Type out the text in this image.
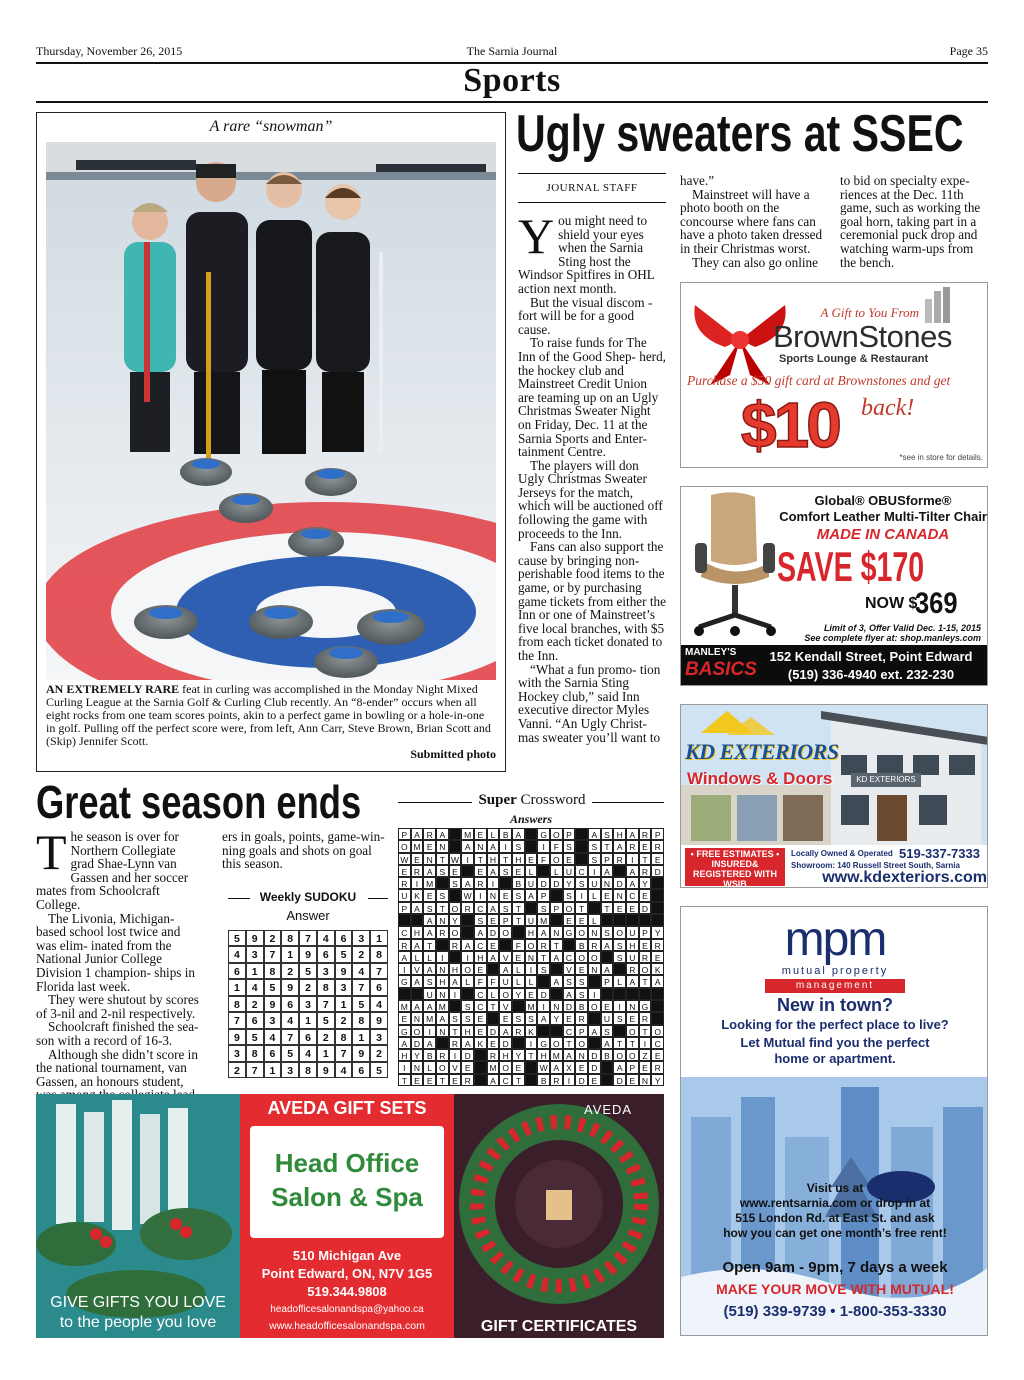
Thursday, November 26, 2015	The Sarnia Journal	Page 35
Sports
A rare “snowman”
AN EXTREMELY RARE feat in curling was accomplished in the Monday Night Mixed Curling League at the Sarnia Golf & Curling Club recently. An “8-ender” occurs when all eight rocks from one team scores points, akin to a perfect game in bowling or a hole-in-one in golf. Pulling off the perfect score were, from left, Ann Carr, Steve Brown, Brian Scott and (Skip) Jennifer Scott.
Submitted photo
Ugly sweaters at SSEC
JOURNAL STAFF
Y ou might need to shield your eyes when the Sarnia Sting host the Windsor Spitfires in OHL action next month.

But the visual discom - fort will be for a good cause.

To raise funds for The Inn of the Good Shep- herd, the hockey club and Mainstreet Credit Union are teaming up on an Ugly Christmas Sweater Night on Friday, Dec. 11 at the Sarnia Sports and Enter- tainment Centre.

The players will don Ugly Christmas Sweater Jerseys for the match, which will be auctioned off following the game with proceeds to the Inn.

Fans can also support the cause by bringing non-perishable food items to the game, or by purchasing game tickets from either the Inn or one of Mainstreet’s five local branches, with $5 from each ticket donated to the Inn.

“What a fun promo- tion with the Sarnia Sting Hockey club,” said Inn executive director Myles Vanni. “An Ugly Christ- mas sweater you’ll want to

have.”

Mainstreet will have a photo booth on the concourse where fans can have a photo taken dressed in their Christmas worst.

They can also go online

to bid on specialty expe- riences at the Dec. 11th game, such as working the goal horn, taking part in a ceremonial puck drop and watching warm-ups from the bench.

A Gift to You From
BrownStones
Sports Lounge & Restaurant
Purchase a $50 gift card at Brownstones and get
$10 back!
*see in store for details.
Global® OBUSforme®
Comfort Leather Multi-Tilter Chair
MADE IN CANADA
SAVE $170
NOW $
369
Limit of 3, Offer Valid Dec. 1-15, 2015
See complete flyer at: shop.manleys.com
MANLEY'S
BASICS
152 Kendall Street, Point Edward
(519) 336-4940 ext. 232-230
KD EXTERIORS
KD EXTERIORS
Windows & Doors
• FREE ESTIMATES • INSURED& REGISTERED WITH WSIB
Locally Owned & Operated 519-337-7333
Showroom: 140 Russell Street South, Sarnia
www.kdexteriors.com
Great season ends
T he season is over for Northern Collegiate grad Shae-Lynn van Gassen and her soccer mates from Schoolcraft College.

The Livonia, Michigan-based school lost twice and was elim- inated from the National Junior College Division 1 champion- ships in Florida last week.

They were shutout by scores of 3-nil and 2-nil respectively.

Schoolcraft finished the sea- son with a record of 16-3.

Although she didn’t score in the national tournament, van Gassen, an honours student,

ers in goals, points, game-win- ning goals and shots on goal this season.

Weekly SUDOKU
Answer
5	9	2	8	7	4	6	3	1
4	3	7	1	9	6	5	2	8
6	1	8	2	5	3	9	4	7
1	4	5	9	2	8	3	7	6
8	2	9	6	3	7	1	5	4
7	6	3	4	1	5	2	8	9
9	5	4	7	6	2	8	1	3
3	8	6	5	4	1	7	9	2
2	7	1	3	8	9	4	6	5
Super Crossword
Answers
P A R A	M E L B A	G O P	A S H A R P
O M E N	A N A	I	S	I	F S	S T A R E R
W E N T W I	T H T H E F O E	S P R I	T E
E R A S E	E A S E L	L U C I	A	A R D
R I M	S A R I	B U D D Y S U N D A Y
U K E S	W I N E S A P	S	I	L E N C E
P A S T O R C A S T	S P O T	T E E D
A N Y	S E P T U M	E E L
C H A R O	A D O	H A N G O N S O U P Y
R A T	R A C E	F O R T	B R A S H E R
A L L	I	I H A V E N T A C O O	S U R E
I	V A N H O E	A L	I	S	V E N A	R O K
G A S H A L F F U L L	A S S	P L A T A
U N I	C L O Y E D	A S	I
M A A M	S C T V	M I N D B O E	I N G
E N M A S S E	E S S A Y E R	U S E R
G O I N T H E D A R K	C P A S	O T O
A D A	R A K E D	I G O T O	A T T	I C
H Y B R I D	R H Y T H M A N D B O O Z E
I N L O V E	M O E	W A X E D	A P E R
T E E T E R	A C T	B R I D E	D E N Y
mpm
mutual property
management
New in town?
Looking for the perfect place to live?
Let Mutual find you the perfect
home or apartment.
Visit us at
www.rentsarnia.com or drop in at
515 London Rd. at East St. and ask
how you can get one month’s free rent!
Open 9am - 9pm, 7 days a week
MAKE YOUR MOVE WITH MUTUAL!
(519) 339-9739 • 1-800-353-3330
GIVE GIFTS YOU LOVE
to the people you love
AVEDA GIFT SETS
Head Office
Salon & Spa
510 Michigan Ave
Point Edward, ON, N7V 1G5
519.344.9808
headofficesalonandspa@yahoo.ca
www.headofficesalonandspa.com
AVEDA
GIFT CERTIFICATES
